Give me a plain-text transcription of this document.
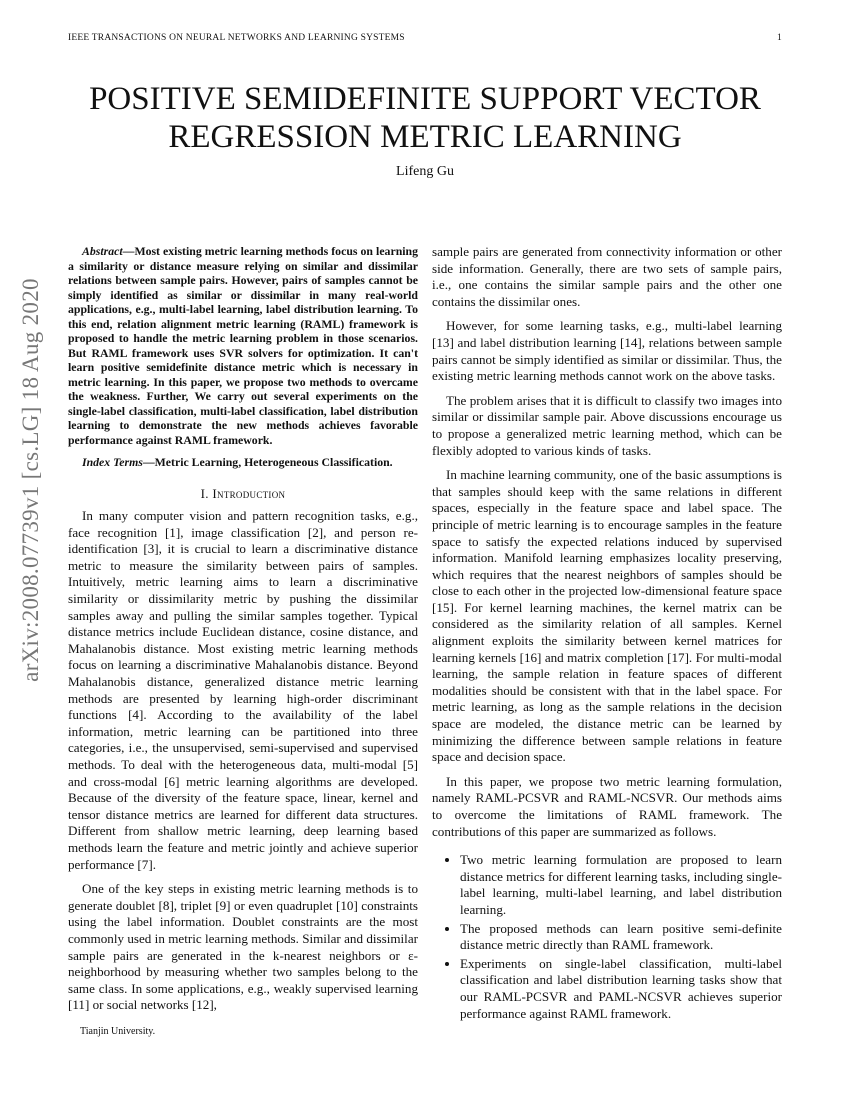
IEEE TRANSACTIONS ON NEURAL NETWORKS AND LEARNING SYSTEMS	1
POSITIVE SEMIDEFINITE SUPPORT VECTOR
REGRESSION METRIC LEARNING
Lifeng Gu
arXiv:2008.07739v1 [cs.LG] 18 Aug 2020

Abstract—Most existing metric learning methods focus on learning a similarity or distance measure relying on similar and dissimilar relations between sample pairs. However, pairs of samples cannot be simply identified as similar or dissimilar in many real-world applications, e.g., multi-label learning, label distribution learning. To this end, relation alignment metric learning (RAML) framework is proposed to handle the metric learning problem in those scenarios. But RAML framework uses SVR solvers for optimization. It can't learn positive semidefinite distance metric which is necessary in metric learning. In this paper, we propose two methods to overcame the weakness. Further, We carry out several experiments on the single-label classification, multi-label classification, label distribution learning to demonstrate the new methods achieves favorable performance against RAML framework.

Index Terms—Metric Learning, Heterogeneous Classification.

I. Introduction

In many computer vision and pattern recognition tasks, e.g., face recognition [1], image classification [2], and person re-identification [3], it is crucial to learn a discriminative distance metric to measure the similarity between pairs of samples. Intuitively, metric learning aims to learn a discriminative similarity or dissimilarity metric by pushing the dissimilar samples away and pulling the similar samples together. Typical distance metrics include Euclidean distance, cosine distance, and Mahalanobis distance. Most existing metric learning methods focus on learning a discriminative Mahalanobis distance. Beyond Mahalanobis distance, generalized distance metric learning methods are presented by learning high-order discriminant functions [4]. According to the availability of the label information, metric learning can be partitioned into three categories, i.e., the unsupervised, semi-supervised and supervised methods. To deal with the heterogeneous data, multi-modal [5] and cross-modal [6] metric learning algorithms are developed. Because of the diversity of the feature space, linear, kernel and tensor distance metrics are learned for different data structures. Different from shallow metric learning, deep learning based methods learn the feature and metric jointly and achieve superior performance [7].

One of the key steps in existing metric learning methods is to generate doublet [8], triplet [9] or even quadruplet [10] constraints using the label information. Doublet constraints are the most commonly used in metric learning methods. Similar and dissimilar sample pairs are generated in the k-nearest neighbors or ε-neighborhood by measuring whether two samples belong to the same class. In some applications, e.g., weakly supervised learning [11] or social networks [12],

sample pairs are generated from connectivity information or other side information. Generally, there are two sets of sample pairs, i.e., one contains the similar sample pairs and the other one contains the dissimilar ones.

However, for some learning tasks, e.g., multi-label learning [13] and label distribution learning [14], relations between sample pairs cannot be simply identified as similar or dissimilar. Thus, the existing metric learning methods cannot work on the above tasks.

The problem arises that it is difficult to classify two images into similar or dissimilar sample pair. Above discussions encourage us to propose a generalized metric learning method, which can be flexibly adopted to various kinds of tasks.

In machine learning community, one of the basic assumptions is that samples should keep with the same relations in different spaces, especially in the feature space and label space. The principle of metric learning is to encourage samples in the feature space to satisfy the expected relations induced by supervised information. Manifold learning emphasizes locality preserving, which requires that the nearest neighbors of samples should be close to each other in the projected low-dimensional feature space [15]. For kernel learning machines, the kernel matrix can be considered as the similarity relation of all samples. Kernel alignment exploits the similarity between kernel matrices for learning kernels [16] and matrix completion [17]. For multi-modal learning, the sample relation in feature spaces of different modalities should be consistent with that in the label space. For metric learning, as long as the sample relations in the decision space are modeled, the distance metric can be learned by minimizing the difference between sample relations in feature space and decision space.

In this paper, we propose two metric learning formulation, namely RAML-PCSVR and RAML-NCSVR. Our methods aims to overcome the limitations of RAML framework. The contributions of this paper are summarized as follows.

• Two metric learning formulation are proposed to learn distance metrics for different learning tasks, including single-label learning, multi-label learning, and label distribution learning.
• The proposed methods can learn positive semi-definite distance metric directly than RAML framework.
• Experiments on single-label classification, multi-label classification and label distribution learning tasks show that our RAML-PCSVR and PAML-NCSVR achieves superior performance against RAML framework.
Tianjin University.
